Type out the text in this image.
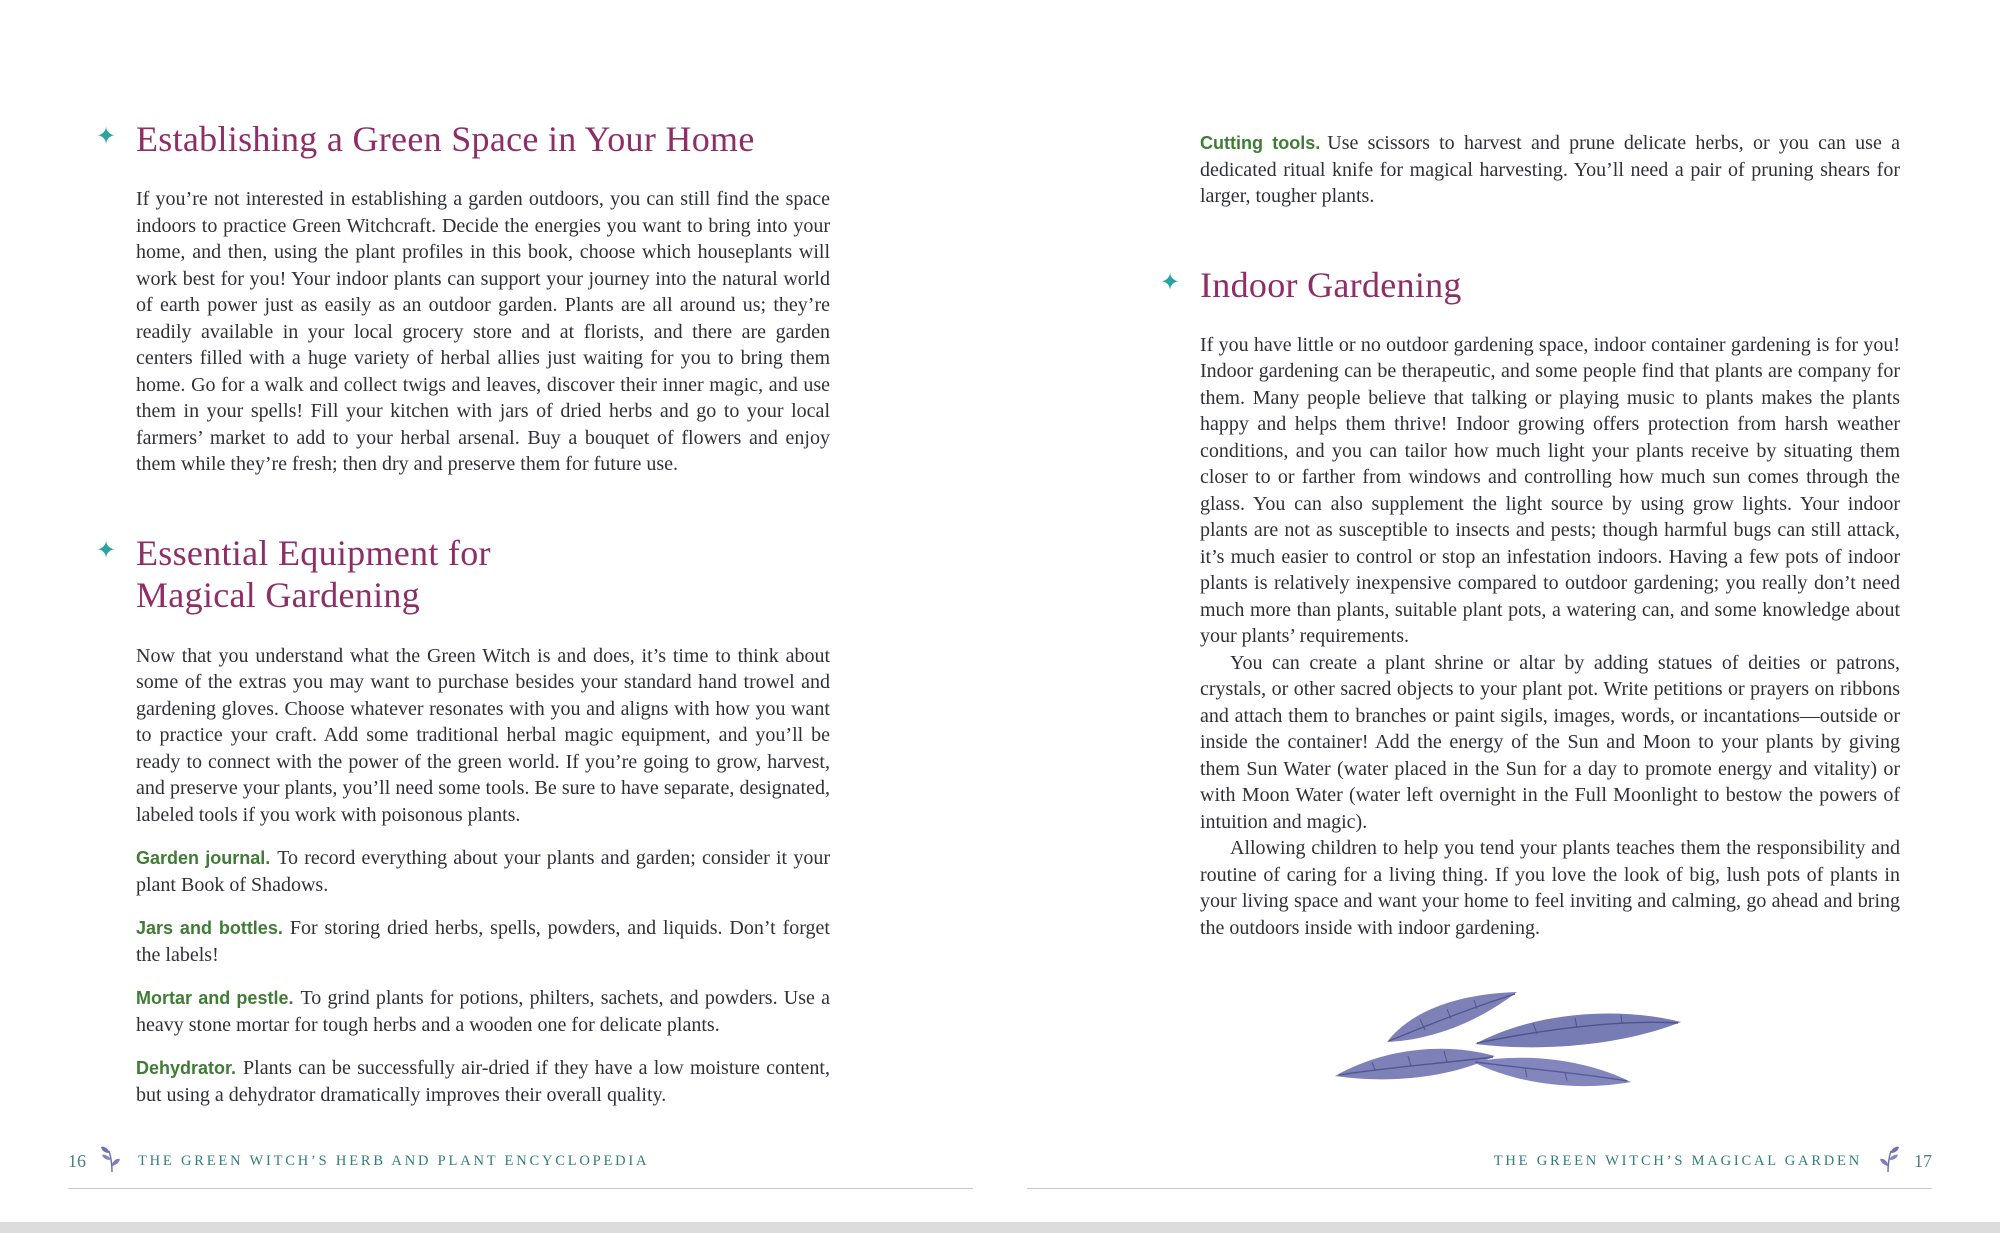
✦ Establishing a Green Space in Your Home

If you’re not interested in establishing a garden outdoors, you can still find the space indoors to practice Green Witchcraft. Decide the energies you want to bring into your home, and then, using the plant profiles in this book, choose which houseplants will work best for you! Your indoor plants can support your journey into the natural world of earth power just as easily as an outdoor garden. Plants are all around us; they’re readily available in your local grocery store and at florists, and there are garden centers filled with a huge variety of herbal allies just waiting for you to bring them home. Go for a walk and collect twigs and leaves, discover their inner magic, and use them in your spells! Fill your kitchen with jars of dried herbs and go to your local farmers’ market to add to your herbal arsenal. Buy a bouquet of flowers and enjoy them while they’re fresh; then dry and preserve them for future use.

✦ Essential Equipment for
Magical Gardening

Now that you understand what the Green Witch is and does, it’s time to think about some of the extras you may want to purchase besides your standard hand trowel and gardening gloves. Choose whatever resonates with you and aligns with how you want to practice your craft. Add some traditional herbal magic equipment, and you’ll be ready to connect with the power of the green world. If you’re going to grow, harvest, and preserve your plants, you’ll need some tools. Be sure to have separate, designated, labeled tools if you work with poisonous plants.

Garden journal. To record everything about your plants and garden; consider it your plant Book of Shadows.

Jars and bottles. For storing dried herbs, spells, powders, and liquids. Don’t forget the labels!

Mortar and pestle. To grind plants for potions, philters, sachets, and powders. Use a heavy stone mortar for tough herbs and a wooden one for delicate plants.

Dehydrator. Plants can be successfully air-dried if they have a low moisture content, but using a dehydrator dramatically improves their overall quality.

Cutting tools. Use scissors to harvest and prune delicate herbs, or you can use a dedicated ritual knife for magical harvesting. You’ll need a pair of pruning shears for larger, tougher plants.

✦ Indoor Gardening

If you have little or no outdoor gardening space, indoor container gardening is for you! Indoor gardening can be therapeutic, and some people find that plants are company for them. Many people believe that talking or playing music to plants makes the plants happy and helps them thrive! Indoor growing offers protection from harsh weather conditions, and you can tailor how much light your plants receive by situating them closer to or farther from windows and controlling how much sun comes through the glass. You can also supplement the light source by using grow lights. Your indoor plants are not as susceptible to insects and pests; though harmful bugs can still attack, it’s much easier to control or stop an infestation indoors. Having a few pots of indoor plants is relatively inexpensive compared to outdoor gardening; you really don’t need much more than plants, suitable plant pots, a watering can, and some knowledge about your plants’ requirements.

You can create a plant shrine or altar by adding statues of deities or patrons, crystals, or other sacred objects to your plant pot. Write petitions or prayers on ribbons and attach them to branches or paint sigils, images, words, or incantations—outside or inside the container! Add the energy of the Sun and Moon to your plants by giving them Sun Water (water placed in the Sun for a day to promote energy and vitality) or with Moon Water (water left overnight in the Full Moonlight to bestow the powers of intuition and magic).

Allowing children to help you tend your plants teaches them the responsibility and routine of caring for a living thing. If you love the look of big, lush pots of plants in your living space and want your home to feel inviting and calming, go ahead and bring the outdoors inside with indoor gardening.

16	THE GREEN WITCH’S HERB AND PLANT ENCYCLOPEDIA	THE GREEN WITCH’S MAGICAL GARDEN	17
